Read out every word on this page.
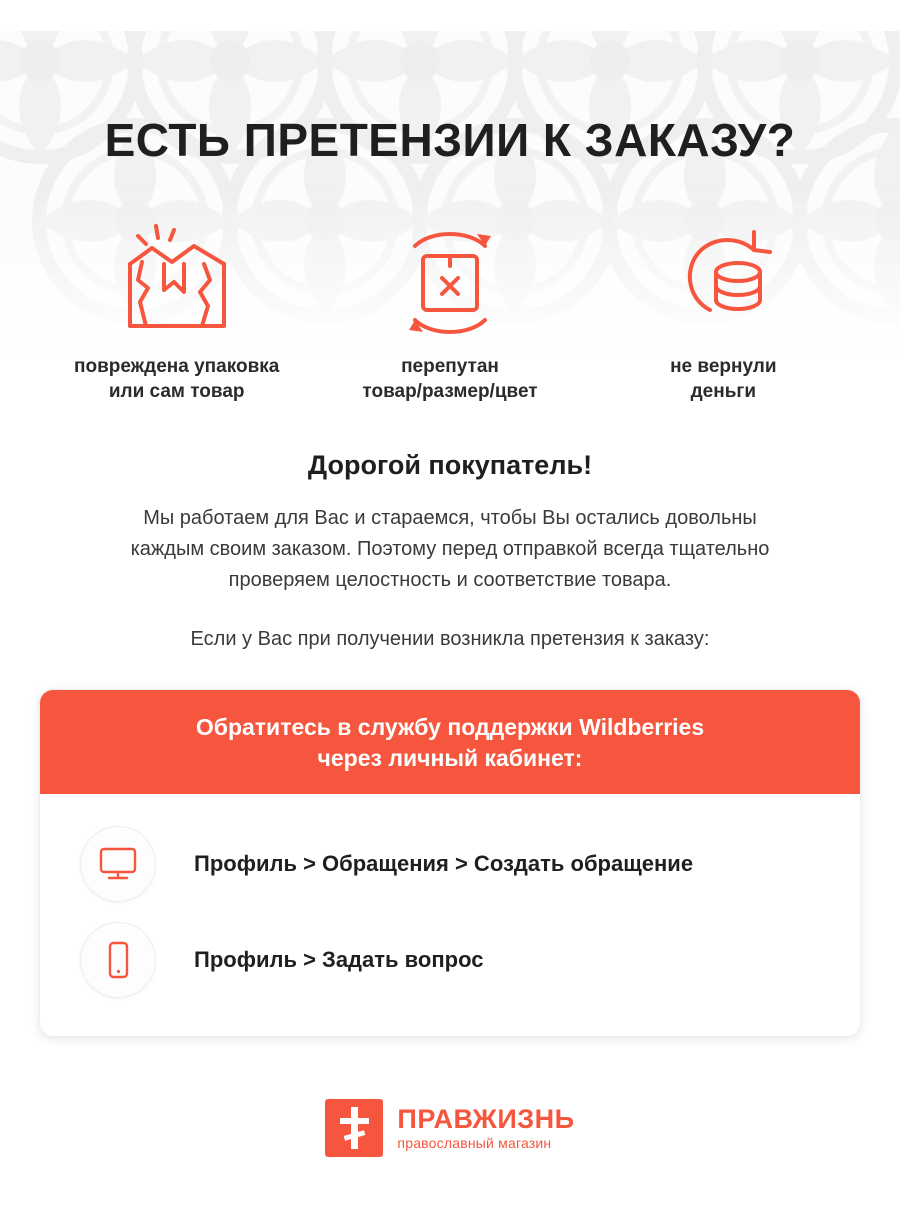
ЕСТЬ ПРЕТЕНЗИИ К ЗАКАЗУ?
повреждена упаковка
или сам товар
перепутан
товар/размер/цвет
не вернули
деньги
Дорогой покупатель!

Мы работаем для Вас и стараемся, чтобы Вы остались довольны каждым своим заказом. Поэтому перед отправкой всегда тщательно проверяем целостность и соответствие товара.

Если у Вас при получении возникла претензия к заказу:

Обратитесь в службу поддержки Wildberries
через личный кабинет:
Профиль > Обращения > Создать обращение
Профиль > Задать вопрос
ПРАВЖИЗНЬ
православный магазин
